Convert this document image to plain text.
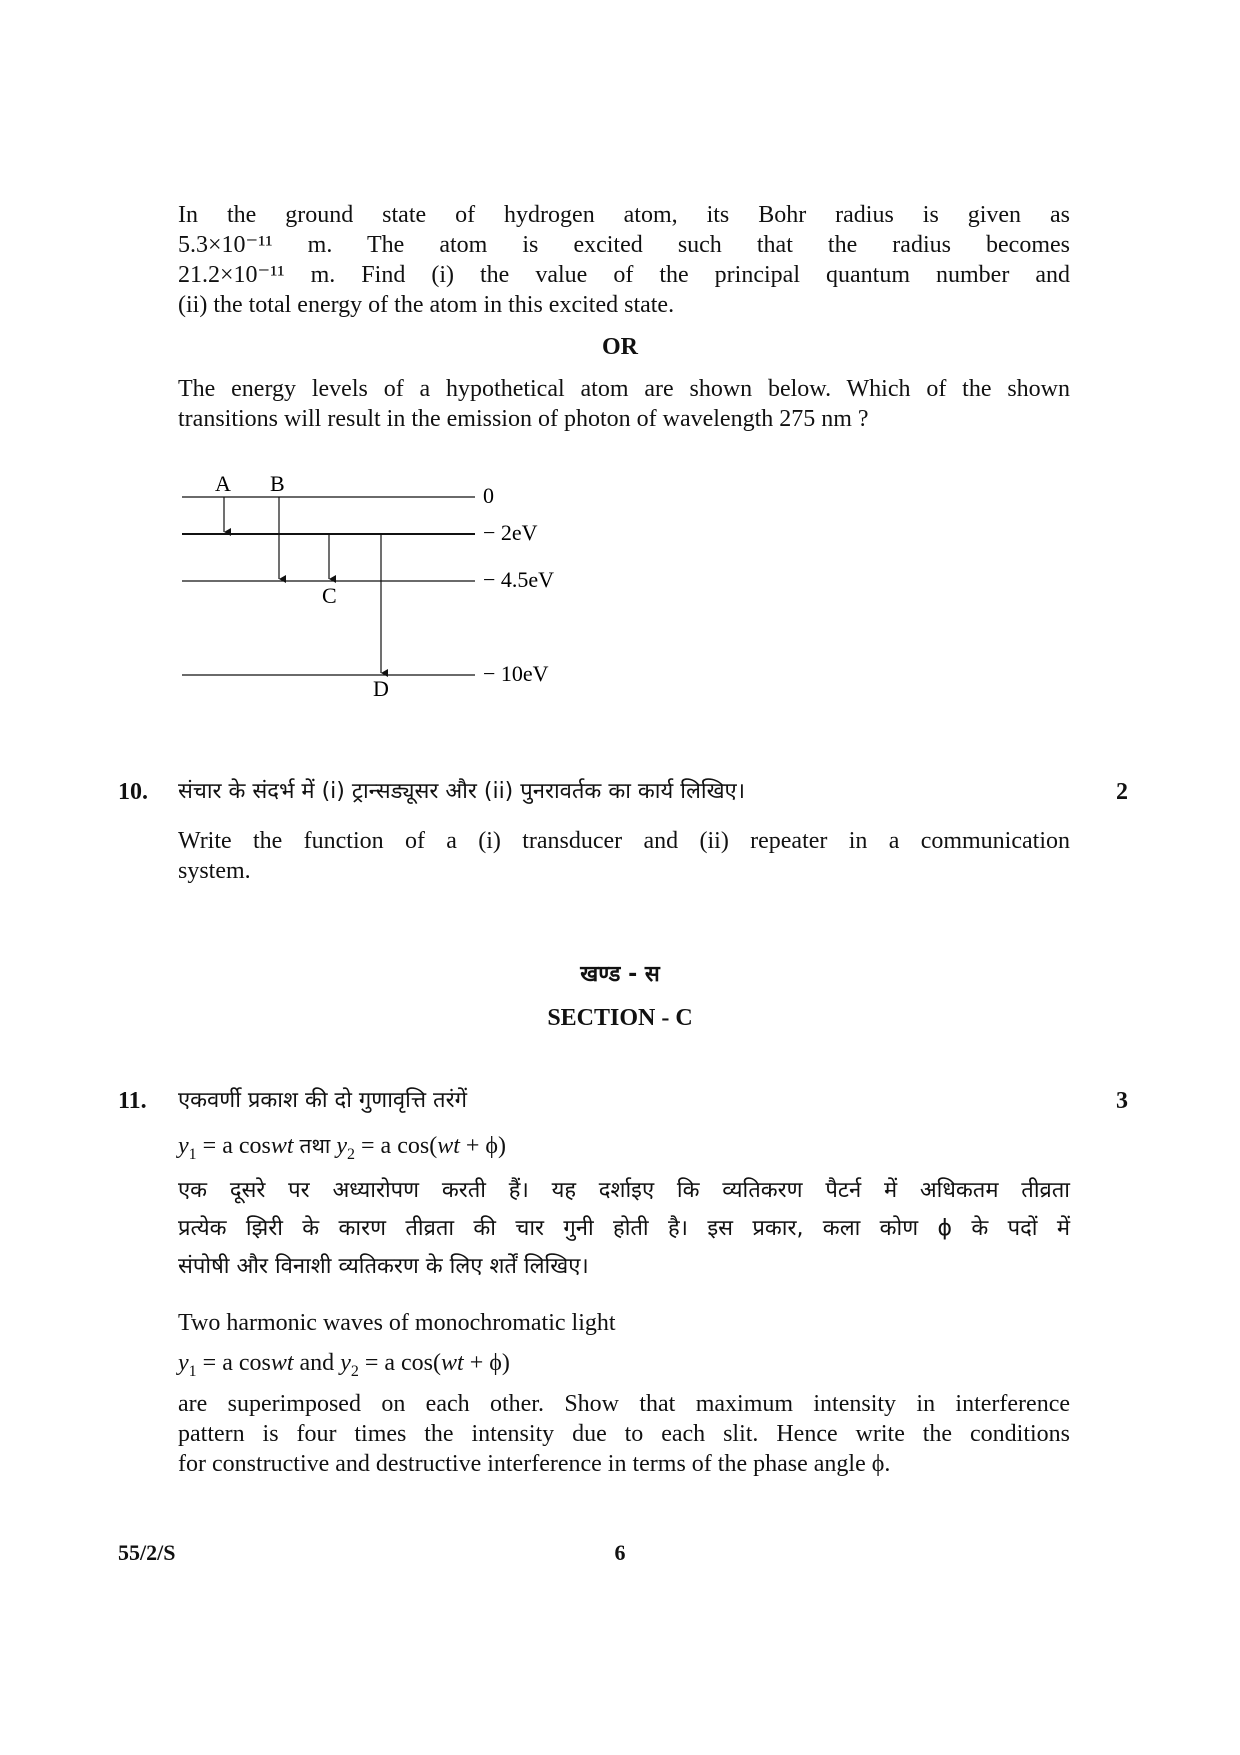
In the ground state of hydrogen atom, its Bohr radius is given as
5.3×10⁻¹¹ m. The atom is excited such that the radius becomes
21.2×10⁻¹¹ m. Find (i) the value of the principal quantum number and
(ii) the total energy of the atom in this excited state.
OR
The energy levels of a hypothetical atom are shown below. Which of the shown
transitions will result in the emission of photon of wavelength 275 nm ?
0
− 2eV
− 4.5eV
− 10eV
A B
C
D
10.	2
संचार के संदर्भ में (i) ट्रान्सड्यूसर और (ii) पुनरावर्तक का कार्य लिखिए।
Write the function of a (i) transducer and (ii) repeater in a communication
system.
खण्ड - स
SECTION - C
11.	3
एकवर्णी प्रकाश की दो गुणावृत्ति तरंगें
$y_1 = a$ coswt तथा $y_2 = a$ cos(wt + ϕ)
एक दूसरे पर अध्यारोपण करती हैं। यह दर्शाइए कि व्यतिकरण पैटर्न में अधिकतम तीव्रता
प्रत्येक झिरी के कारण तीव्रता की चार गुनी होती है। इस प्रकार, कला कोण ϕ के पदों में
संपोषी और विनाशी व्यतिकरण के लिए शर्तें लिखिए।
Two harmonic waves of monochromatic light
$y_1 = a$ coswt and $y_2 = a$ cos(wt + ϕ)
are superimposed on each other. Show that maximum intensity in interference
pattern is four times the intensity due to each slit. Hence write the conditions
for constructive and destructive interference in terms of the phase angle ϕ.
55/2/S	6
